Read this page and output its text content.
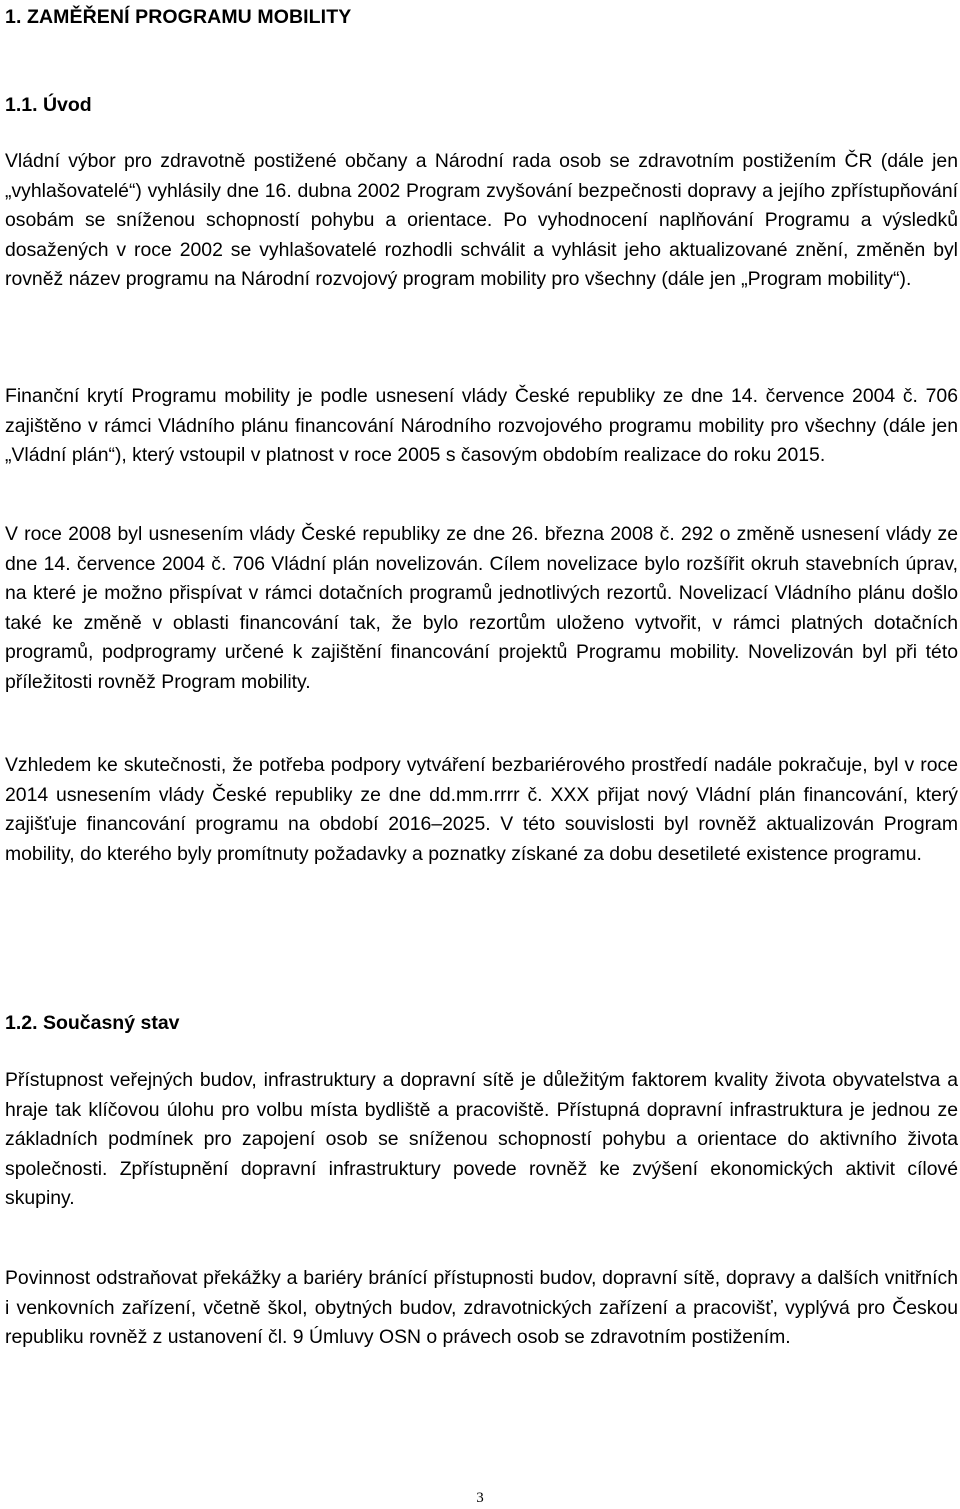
1. ZAMĚŘENÍ PROGRAMU MOBILITY
1.1. Úvod

Vládní výbor pro zdravotně postižené občany a Národní rada osob se zdravotním postižením ČR (dále jen „vyhlašovatelé“) vyhlásily dne 16. dubna 2002 Program zvyšování bezpečnosti dopravy a jejího zpřístupňování osobám se sníženou schopností pohybu a orientace. Po vyhodnocení naplňování Programu a výsledků dosažených v roce 2002 se vyhlašovatelé rozhodli schválit a vyhlásit jeho aktualizované znění, změněn byl rovněž název programu na Národní rozvojový program mobility pro všechny (dále jen „Program mobility“).

Finanční krytí Programu mobility je podle usnesení vlády České republiky ze dne 14. července 2004 č. 706 zajištěno v rámci Vládního plánu financování Národního rozvojového programu mobility pro všechny (dále jen „Vládní plán“), který vstoupil v platnost v roce 2005 s časovým obdobím realizace do roku 2015.

V roce 2008 byl usnesením vlády České republiky ze dne 26. března 2008 č. 292 o změně usnesení vlády ze dne 14. července 2004 č. 706 Vládní plán novelizován. Cílem novelizace bylo rozšířit okruh stavebních úprav, na které je možno přispívat v rámci dotačních programů jednotlivých rezortů. Novelizací Vládního plánu došlo také ke změně v oblasti financování tak, že bylo rezortům uloženo vytvořit, v rámci platných dotačních programů, podprogramy určené k zajištění financování projektů Programu mobility. Novelizován byl při této příležitosti rovněž Program mobility.

Vzhledem ke skutečnosti, že potřeba podpory vytváření bezbariérového prostředí nadále pokračuje, byl v roce 2014 usnesením vlády České republiky ze dne dd.mm.rrrr č. XXX přijat nový Vládní plán financování, který zajišťuje financování programu na období 2016–2025. V této souvislosti byl rovněž aktualizován Program mobility, do kterého byly promítnuty požadavky a poznatky získané za dobu desetileté existence programu.

1.2. Současný stav

Přístupnost veřejných budov, infrastruktury a dopravní sítě je důležitým faktorem kvality života obyvatelstva a hraje tak klíčovou úlohu pro volbu místa bydliště a pracoviště. Přístupná dopravní infrastruktura je jednou ze základních podmínek pro zapojení osob se sníženou schopností pohybu a orientace do aktivního života společnosti. Zpřístupnění dopravní infrastruktury povede rovněž ke zvýšení ekonomických aktivit cílové skupiny.

Povinnost odstraňovat překážky a bariéry bránící přístupnosti budov, dopravní sítě, dopravy a dalších vnitřních i venkovních zařízení, včetně škol, obytných budov, zdravotnických zařízení a pracovišť, vyplývá pro Českou republiku rovněž z ustanovení čl. 9 Úmluvy OSN o právech osob se zdravotním postižením.

3
